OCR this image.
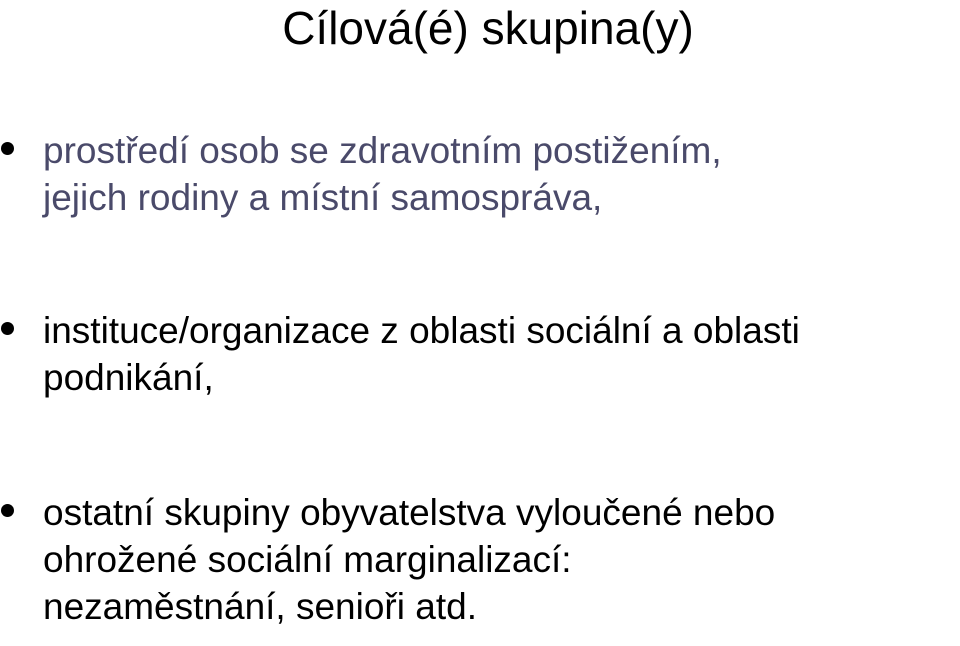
Cílová(é) skupina(y)
prostředí osob se zdravotním postižením,
jejich rodiny a místní samospráva,
instituce/organizace z oblasti sociální a oblasti
podnikání,
ostatní skupiny obyvatelstva vyloučené nebo
ohrožené sociální marginalizací:
nezaměstnání, senioři atd.
